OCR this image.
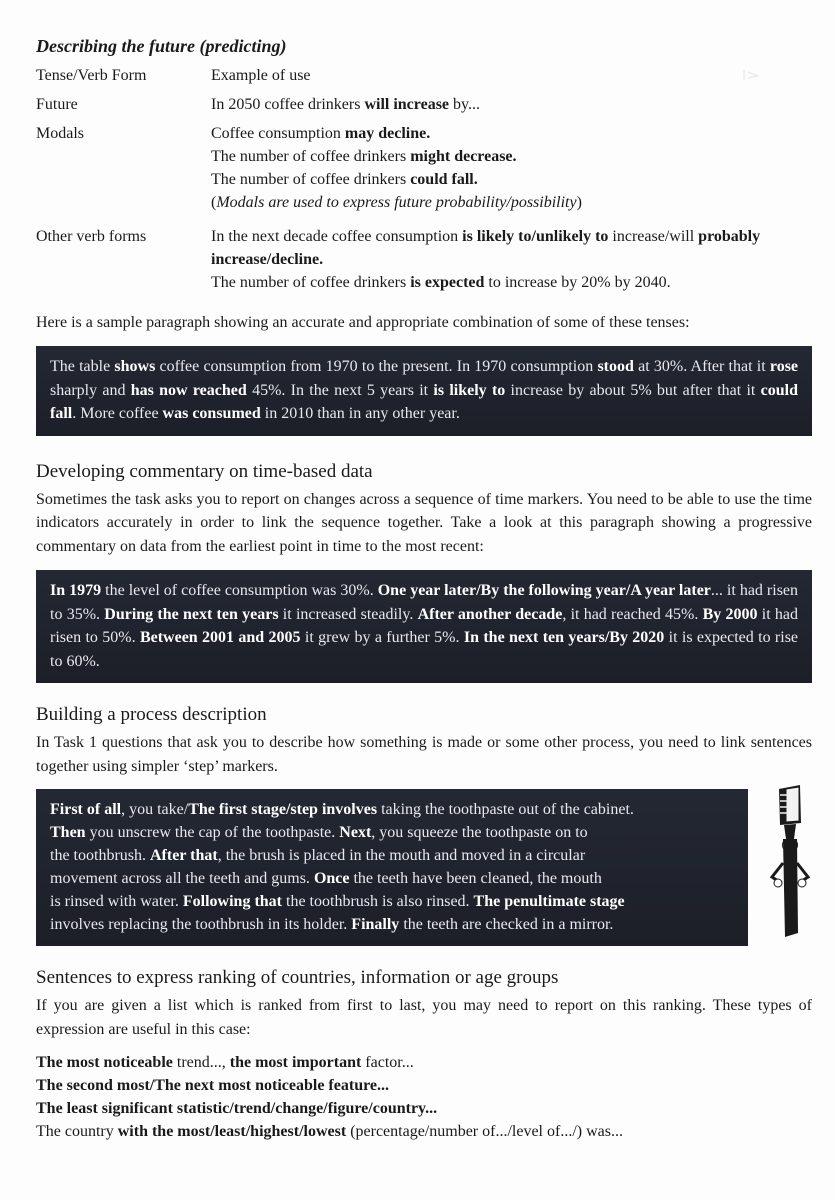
Describing the future (predicting)
Tense/Verb Form	Example of use
Future	In 2050 coffee drinkers will increase by...
Modals	Coffee consumption may decline.
The number of coffee drinkers might decrease.
The number of coffee drinkers could fall.
(Modals are used to express future probability/possibility)
Other verb forms	In the next decade coffee consumption is likely to/unlikely to increase/will probably increase/decline.
The number of coffee drinkers is expected to increase by 20% by 2040.
Here is a sample paragraph showing an accurate and appropriate combination of some of these tenses:
The table shows coffee consumption from 1970 to the present. In 1970 consumption stood at 30%. After that it rose sharply and has now reached 45%. In the next 5 years it is likely to increase by about 5% but after that it could fall. More coffee was consumed in 2010 than in any other year.
Developing commentary on time-based data
Sometimes the task asks you to report on changes across a sequence of time markers. You need to be able to use the time indicators accurately in order to link the sequence together. Take a look at this paragraph showing a progressive commentary on data from the earliest point in time to the most recent:
In 1979 the level of coffee consumption was 30%. One year later/By the following year/A year later... it had risen to 35%. During the next ten years it increased steadily. After another decade, it had reached 45%. By 2000 it had risen to 50%. Between 2001 and 2005 it grew by a further 5%. In the next ten years/By 2020 it is expected to rise to 60%.
Building a process description
In Task 1 questions that ask you to describe how something is made or some other process, you need to link sentences together using simpler ‘step’ markers.
First of all, you take/The first stage/step involves taking the toothpaste out of the cabinet.
Then you unscrew the cap of the toothpaste. Next, you squeeze the toothpaste on to
the toothbrush. After that, the brush is placed in the mouth and moved in a circular
movement across all the teeth and gums. Once the teeth have been cleaned, the mouth
is rinsed with water. Following that the toothbrush is also rinsed. The penultimate stage
involves replacing the toothbrush in its holder. Finally the teeth are checked in a mirror.
Sentences to express ranking of countries, information or age groups
If you are given a list which is ranked from first to last, you may need to report on this ranking. These types of expression are useful in this case:
The most noticeable trend..., the most important factor...
The second most/The next most noticeable feature...
The least significant statistic/trend/change/figure/country...
The country with the most/least/highest/lowest (percentage/number of.../level of.../) was...
